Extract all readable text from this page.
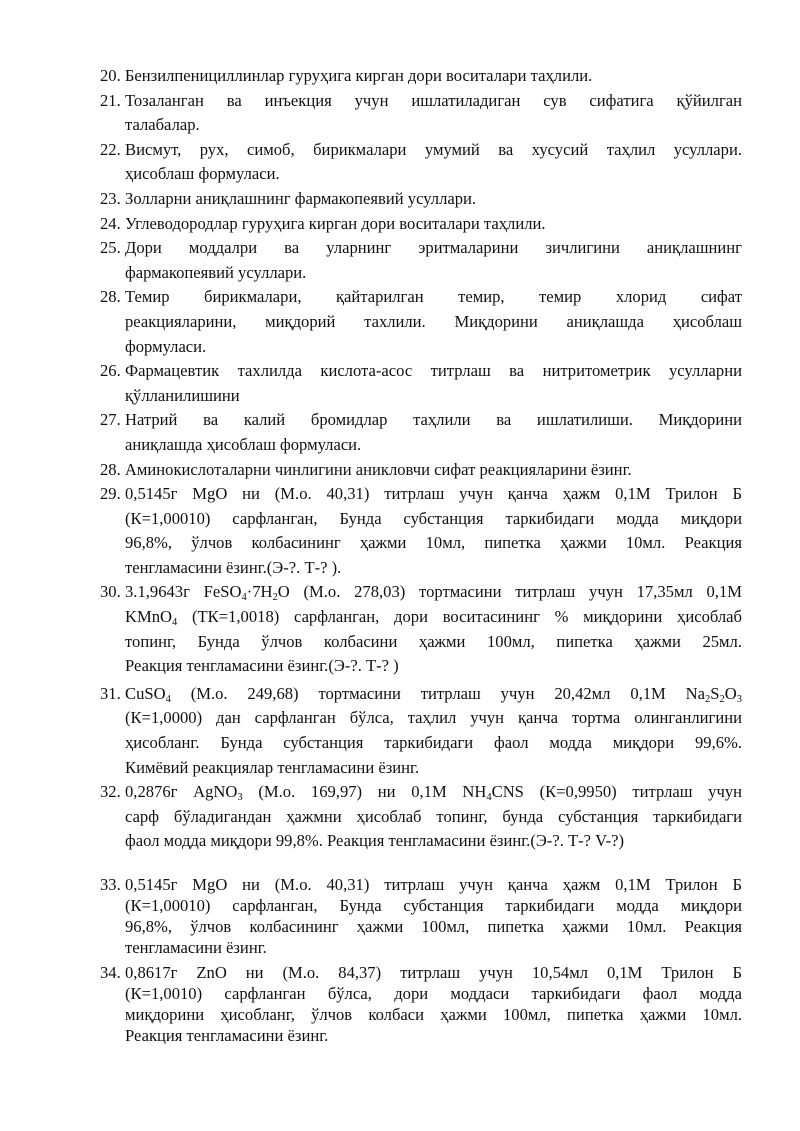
20. Бензилпенициллинлар гуруҳига кирган дори воситалари таҳлили.
21. Тозаланган ва инъекция учун ишлатиладиган сув сифатига қўйилган
талабалар.
22. Висмут, рух, симоб, бирикмалари умумий ва хусусий таҳлил усуллари.
ҳисоблаш формуласи.
23. Золларни аниқлашнинг фармакопеявий усуллари.
24. Углеводородлар гуруҳига кирган дори воситалари таҳлили.
25. Дори моддалри ва уларнинг эритмаларини зичлигини аниқлашнинг
фармакопеявий усуллари.
28. Темир бирикмалари, қайтарилган темир, темир хлорид сифат
реакцияларини, миқдорий тахлили. Миқдорини аниқлашда ҳисоблаш
формуласи.
26. Фармацевтик тахлилда кислота-асос титрлаш ва нитритометрик усулларни
қўлланилишини
27. Натрий ва калий бромидлар таҳлили ва ишлатилиши. Миқдорини
аниқлашда ҳисоблаш формуласи.
28. Аминокислоталарни чинлигини аникловчи сифат реакцияларини ёзинг.
29. 0,5145г MgO ни (М.о. 40,31) титрлаш учун қанча ҳажм 0,1М Трилон Б
(К=1,00010) сарфланган, Бунда субстанция таркибидаги модда миқдори
96,8%, ўлчов колбасининг ҳажми 10мл, пипетка ҳажми 10мл. Реакция
тенгламасини ёзинг.(Э-?. Т-? ).
30. 3.1,9643г $FeSO_4\cdot 7H_2O$ (М.о. 278,03) тортмасини титрлаш учун 17,35мл 0,1М
KMnO$_4$ (ТК=1,0018) сарфланган, дори воситасининг % миқдорини ҳисоблаб
топинг, Бунда ўлчов колбасини ҳажми 100мл, пипетка ҳажми 25мл.
Реакция тенгламасини ёзинг.(Э-?. Т-? )
31. CuSO$_4$ (М.о. 249,68) тортмасини титрлаш учун 20,42мл 0,1М $Na_2S_2O_3$
(К=1,0000) дан сарфланган бўлса, таҳлил учун қанча тортма олинганлигини
ҳисобланг. Бунда субстанция таркибидаги фаол модда миқдори 99,6%.
Кимёвий реакциялар тенгламасини ёзинг.
32. 0,2876г AgNO$_3$ (М.о. 169,97) ни 0,1М $NH_4CNS$ (К=0,9950) титрлаш учун
сарф бўладигандан ҳажмни ҳисоблаб топинг, бунда субстанция таркибидаги
фаол модда миқдори 99,8%. Реакция тенгламасини ёзинг.(Э-?. Т-? V-?)
33. 0,5145г MgO ни (М.о. 40,31) титрлаш учун қанча ҳажм 0,1М Трилон Б
(К=1,00010) сарфланган, Бунда субстанция таркибидаги модда миқдори
96,8%, ўлчов колбасининг ҳажми 100мл, пипетка ҳажми 10мл. Реакция
тенгламасини ёзинг.
34. 0,8617г ZnO ни (М.о. 84,37) титрлаш учун 10,54мл 0,1М Трилон Б
(К=1,0010) сарфланган бўлса, дори моддаси таркибидаги фаол модда
миқдорини ҳисобланг, ўлчов колбаси ҳажми 100мл, пипетка ҳажми 10мл.
Реакция тенгламасини ёзинг.
